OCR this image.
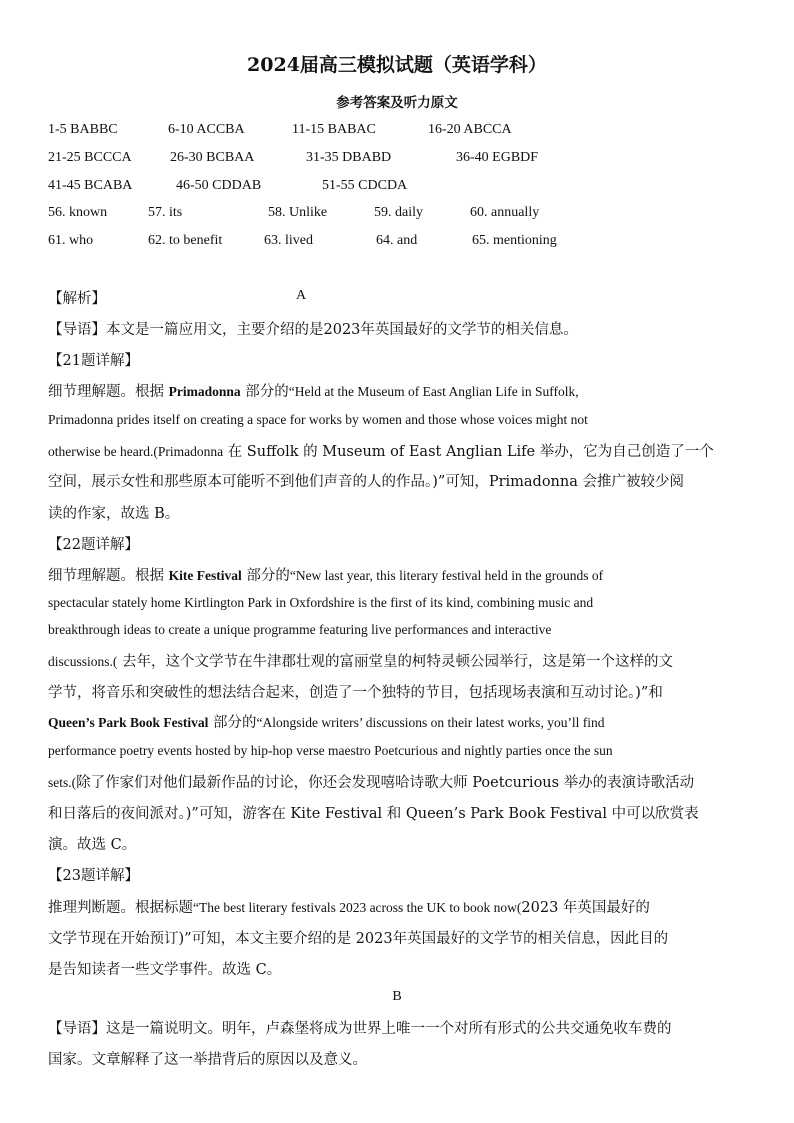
2024届高三模拟试题（英语学科）
参考答案及听力原文
1-5 BABBC	6-10 ACCBA	11-15 BABAC	16-20 ABCCA
21-25 BCCCA	26-30 BCBAA	31-35 DBABD	36-40 EGBDF
41-45 BCABA	46-50 CDDAB	51-55 CDCDA
56. known	57. its	58. Unlike	59. daily	60. annually
61. who	62. to benefit	63. lived	64. and	65. mentioning
【解析】	A
【导语】本文是一篇应用文，主要介绍的是2023年英国最好的文学节的相关信息。
【21题详解】
细节理解题。根据 Primadonna 部分的“Held at the Museum of East Anglian Life in Suffolk,
Primadonna prides itself on creating a space for works by women and those whose voices might not
otherwise be heard.(Primadonna 在 Suffolk 的 Museum of East Anglian Life 举办，它为自己创造了一个
空间，展示女性和那些原本可能听不到他们声音的人的作品。)”可知，Primadonna 会推广被较少阅
读的作家，故选 B。
【22题详解】
细节理解题。根据 Kite Festival 部分的“New last year, this literary festival held in the grounds of
spectacular stately home Kirtlington Park in Oxfordshire is the first of its kind, combining music and
breakthrough ideas to create a unique programme featuring live performances and interactive
discussions.( 去年，这个文学节在牛津郡壮观的富丽堂皇的柯特灵顿公园举行，这是第一个这样的文
学节，将音乐和突破性的想法结合起来，创造了一个独特的节目，包括现场表演和互动讨论。)”和
Queen’s Park Book Festival 部分的“Alongside writers’ discussions on their latest works, you’ll find
performance poetry events hosted by hip-hop verse maestro Poetcurious and nightly parties once the sun
sets.(除了作家们对他们最新作品的讨论，你还会发现嘻哈诗歌大师 Poetcurious 举办的表演诗歌活动
和日落后的夜间派对。)”可知，游客在 Kite Festival 和 Queen’s Park Book Festival 中可以欣赏表
演。故选 C。
【23题详解】
推理判断题。根据标题“The best literary festivals 2023 across the UK to book now(2023 年英国最好的
文学节现在开始预订)”可知，本文主要介绍的是 2023年英国最好的文学节的相关信息，因此目的
是告知读者一些文学事件。故选 C。
B
【导语】这是一篇说明文。明年，卢森堡将成为世界上唯一一个对所有形式的公共交通免收车费的
国家。文章解释了这一举措背后的原因以及意义。
